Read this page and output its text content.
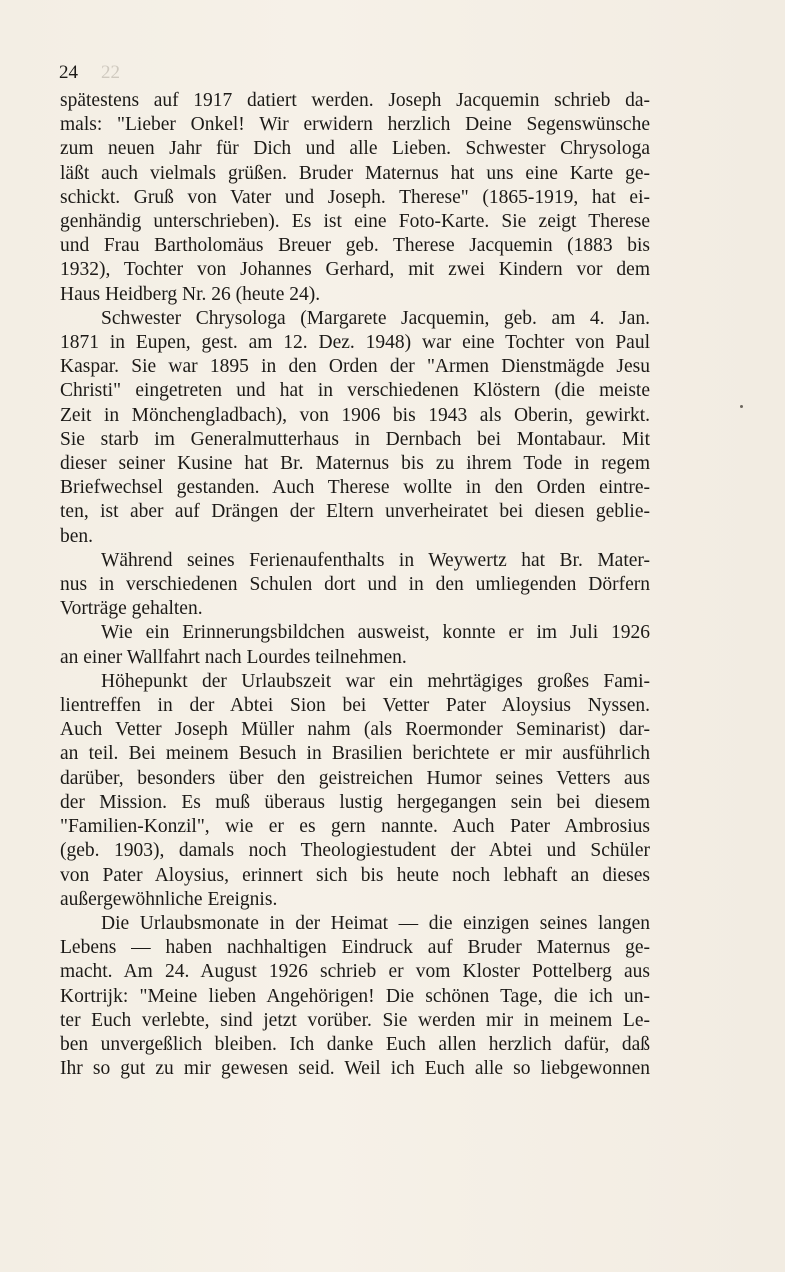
24 22
spätestens auf 1917 datiert werden. Joseph Jacquemin schrieb da-
mals: "Lieber Onkel! Wir erwidern herzlich Deine Segenswünsche
zum neuen Jahr für Dich und alle Lieben. Schwester Chrysologa
läßt auch vielmals grüßen. Bruder Maternus hat uns eine Karte ge-
schickt. Gruß von Vater und Joseph. Therese" (1865-1919, hat ei-
genhändig unterschrieben). Es ist eine Foto-Karte. Sie zeigt Therese
und Frau Bartholomäus Breuer geb. Therese Jacquemin (1883 bis
1932), Tochter von Johannes Gerhard, mit zwei Kindern vor dem
Haus Heidberg Nr. 26 (heute 24).
Schwester Chrysologa (Margarete Jacquemin, geb. am 4. Jan.
1871 in Eupen, gest. am 12. Dez. 1948) war eine Tochter von Paul
Kaspar. Sie war 1895 in den Orden der "Armen Dienstmägde Jesu
Christi" eingetreten und hat in verschiedenen Klöstern (die meiste
Zeit in Mönchengladbach), von 1906 bis 1943 als Oberin, gewirkt.
Sie starb im Generalmutterhaus in Dernbach bei Montabaur. Mit
dieser seiner Kusine hat Br. Maternus bis zu ihrem Tode in regem
Briefwechsel gestanden. Auch Therese wollte in den Orden eintre-
ten, ist aber auf Drängen der Eltern unverheiratet bei diesen geblie-
ben.
Während seines Ferienaufenthalts in Weywertz hat Br. Mater-
nus in verschiedenen Schulen dort und in den umliegenden Dörfern
Vorträge gehalten.
Wie ein Erinnerungsbildchen ausweist, konnte er im Juli 1926
an einer Wallfahrt nach Lourdes teilnehmen.
Höhepunkt der Urlaubszeit war ein mehrtägiges großes Fami-
lientreffen in der Abtei Sion bei Vetter Pater Aloysius Nyssen.
Auch Vetter Joseph Müller nahm (als Roermonder Seminarist) dar-
an teil. Bei meinem Besuch in Brasilien berichtete er mir ausführlich
darüber, besonders über den geistreichen Humor seines Vetters aus
der Mission. Es muß überaus lustig hergegangen sein bei diesem
"Familien-Konzil", wie er es gern nannte. Auch Pater Ambrosius
(geb. 1903), damals noch Theologiestudent der Abtei und Schüler
von Pater Aloysius, erinnert sich bis heute noch lebhaft an dieses
außergewöhnliche Ereignis.
Die Urlaubsmonate in der Heimat — die einzigen seines langen
Lebens — haben nachhaltigen Eindruck auf Bruder Maternus ge-
macht. Am 24. August 1926 schrieb er vom Kloster Pottelberg aus
Kortrijk: "Meine lieben Angehörigen! Die schönen Tage, die ich un-
ter Euch verlebte, sind jetzt vorüber. Sie werden mir in meinem Le-
ben unvergeßlich bleiben. Ich danke Euch allen herzlich dafür, daß
Ihr so gut zu mir gewesen seid. Weil ich Euch alle so liebgewonnen
